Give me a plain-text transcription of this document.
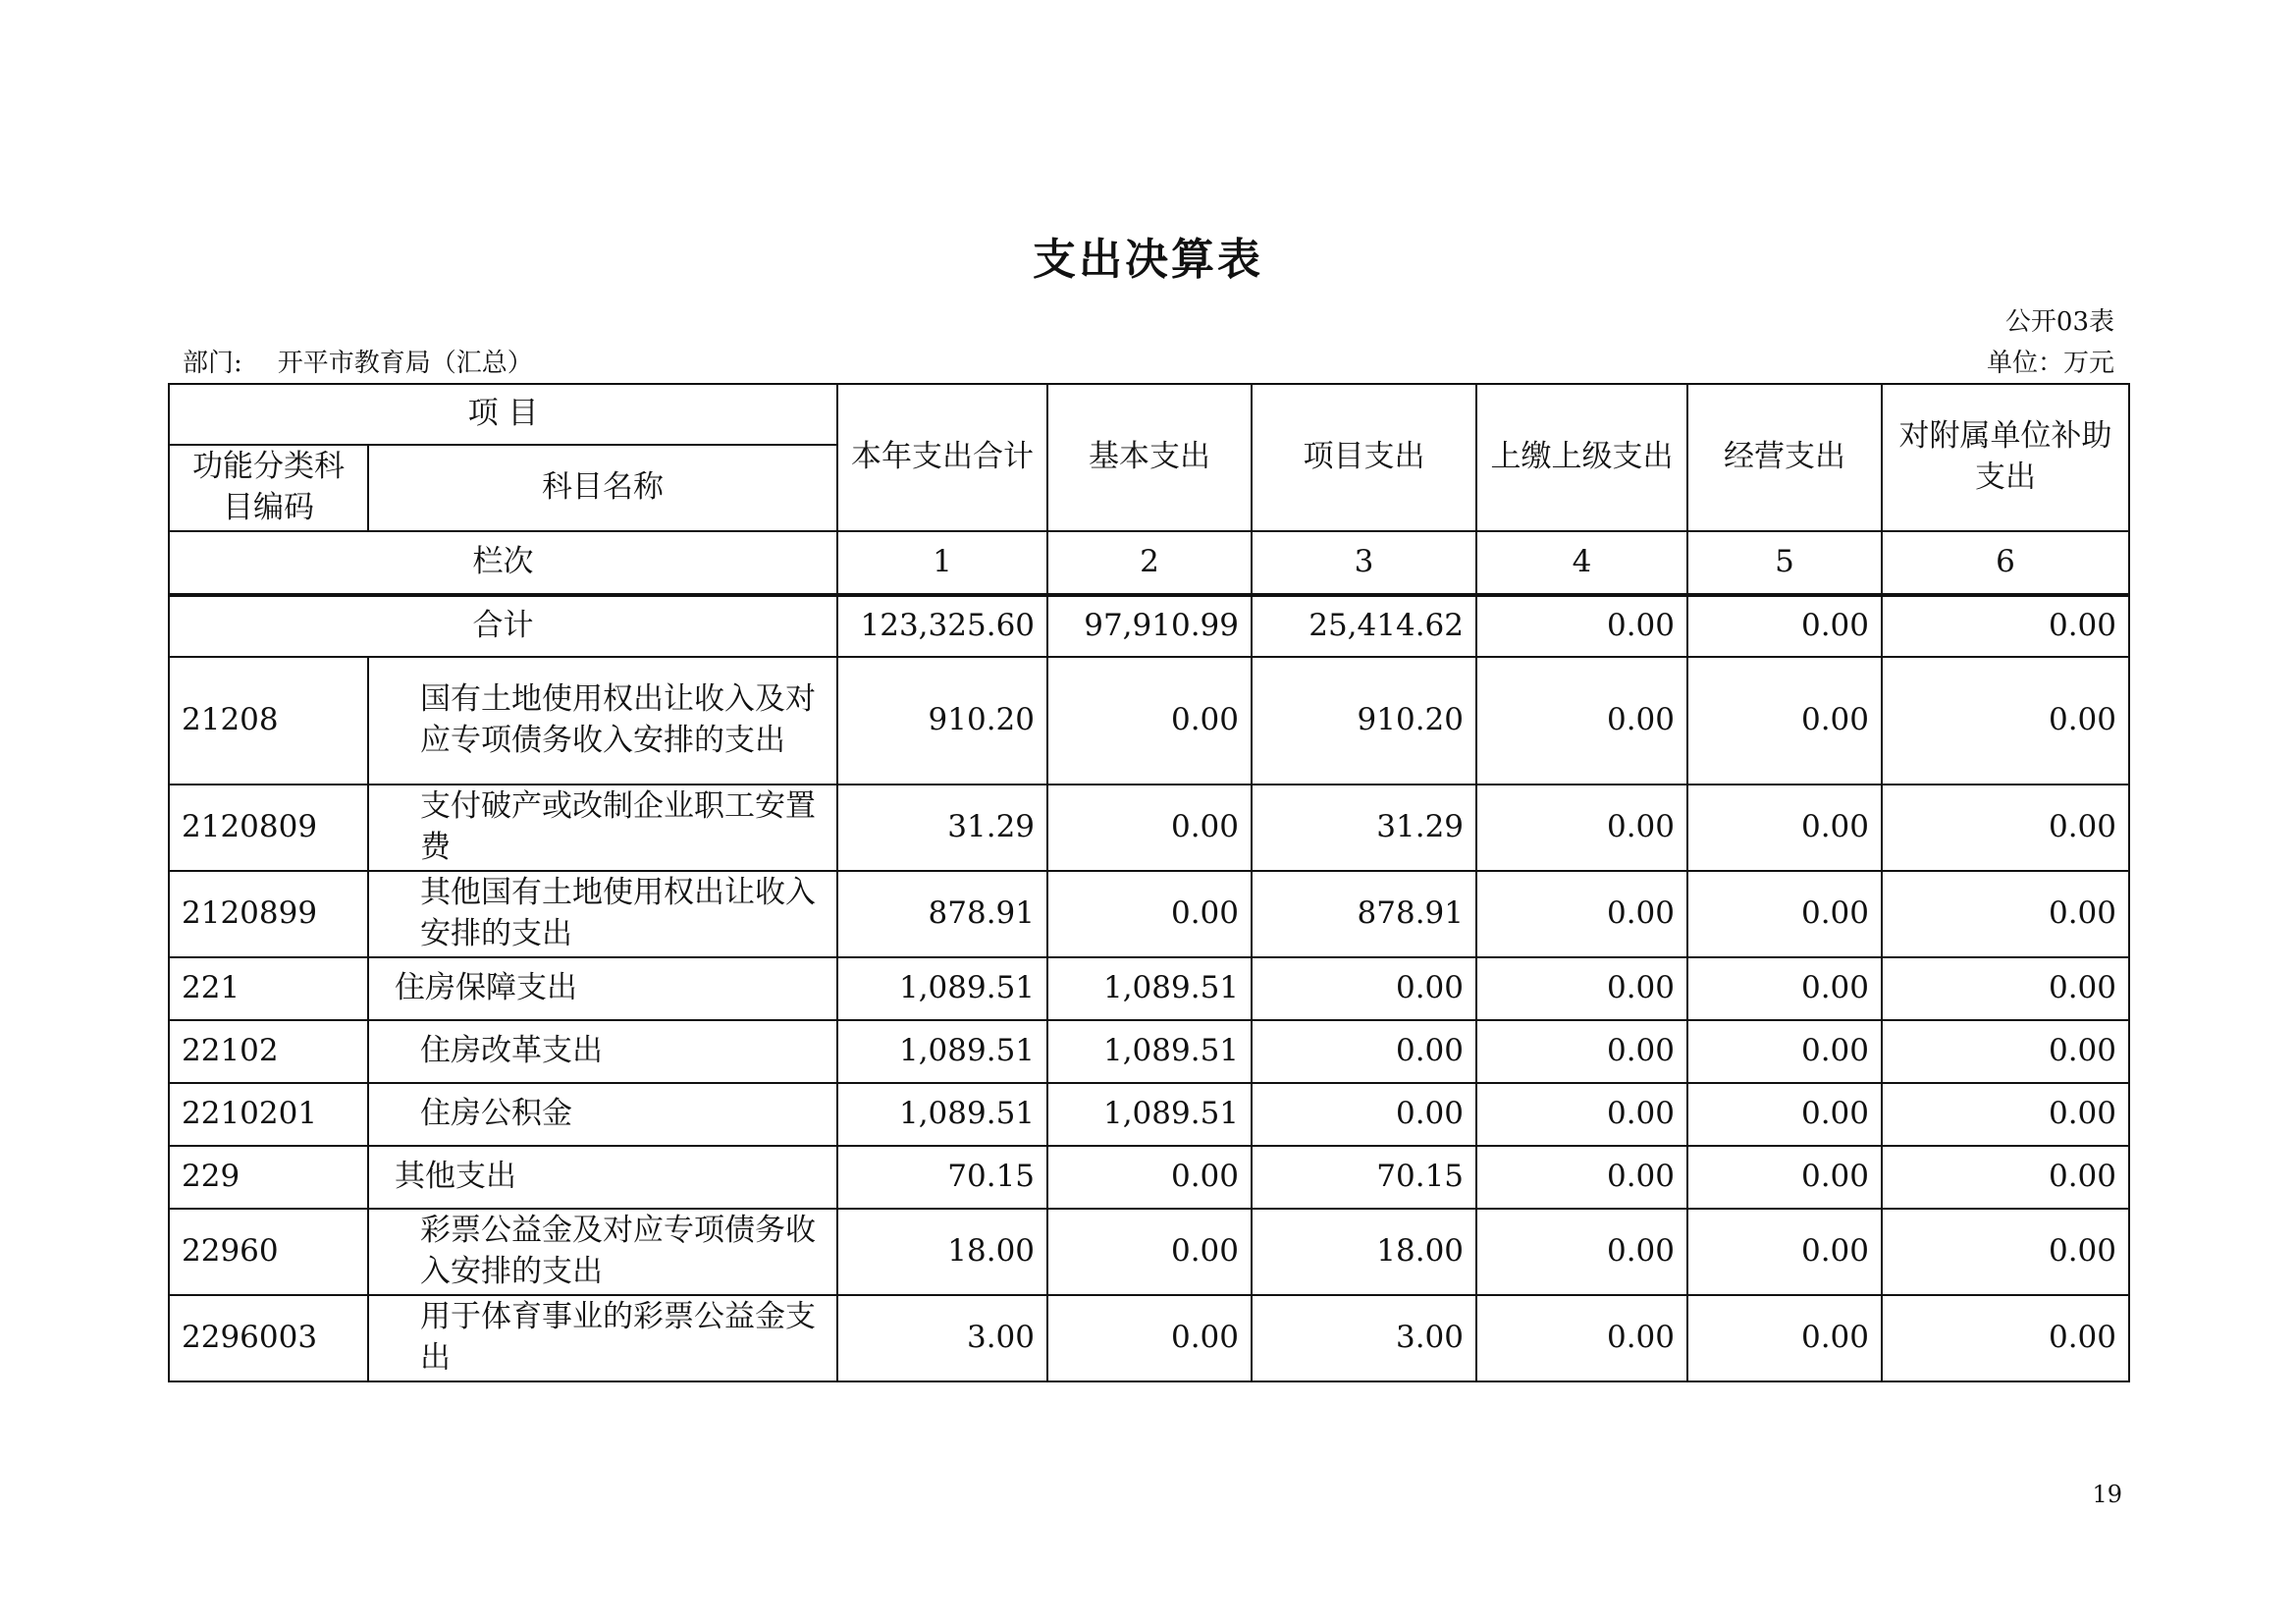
支出决算表
公开03表
部门: 开平市教育局（汇总）	单位：万元
项 目		本年支出合计	基本支出	项目支出	上缴上级支出	经营支出	对附属单位补助支出
功能分类科目编码	科目名称						
栏次		1	2	3	4	5	6
合计		123,325.60	97,910.99	25,414.62	0.00	0.00	0.00
21208	国有土地使用权出让收入及对应专项债务收入安排的支出	910.20	0.00	910.20	0.00	0.00	0.00
2120809	支付破产或改制企业职工安置费	31.29	0.00	31.29	0.00	0.00	0.00
2120899	其他国有土地使用权出让收入安排的支出	878.91	0.00	878.91	0.00	0.00	0.00
221	住房保障支出	1,089.51	1,089.51	0.00	0.00	0.00	0.00
22102	住房改革支出	1,089.51	1,089.51	0.00	0.00	0.00	0.00
2210201	住房公积金	1,089.51	1,089.51	0.00	0.00	0.00	0.00
229	其他支出	70.15	0.00	70.15	0.00	0.00	0.00
22960	彩票公益金及对应专项债务收入安排的支出	18.00	0.00	18.00	0.00	0.00	0.00
2296003	用于体育事业的彩票公益金支出	3.00	0.00	3.00	0.00	0.00	0.00
19
